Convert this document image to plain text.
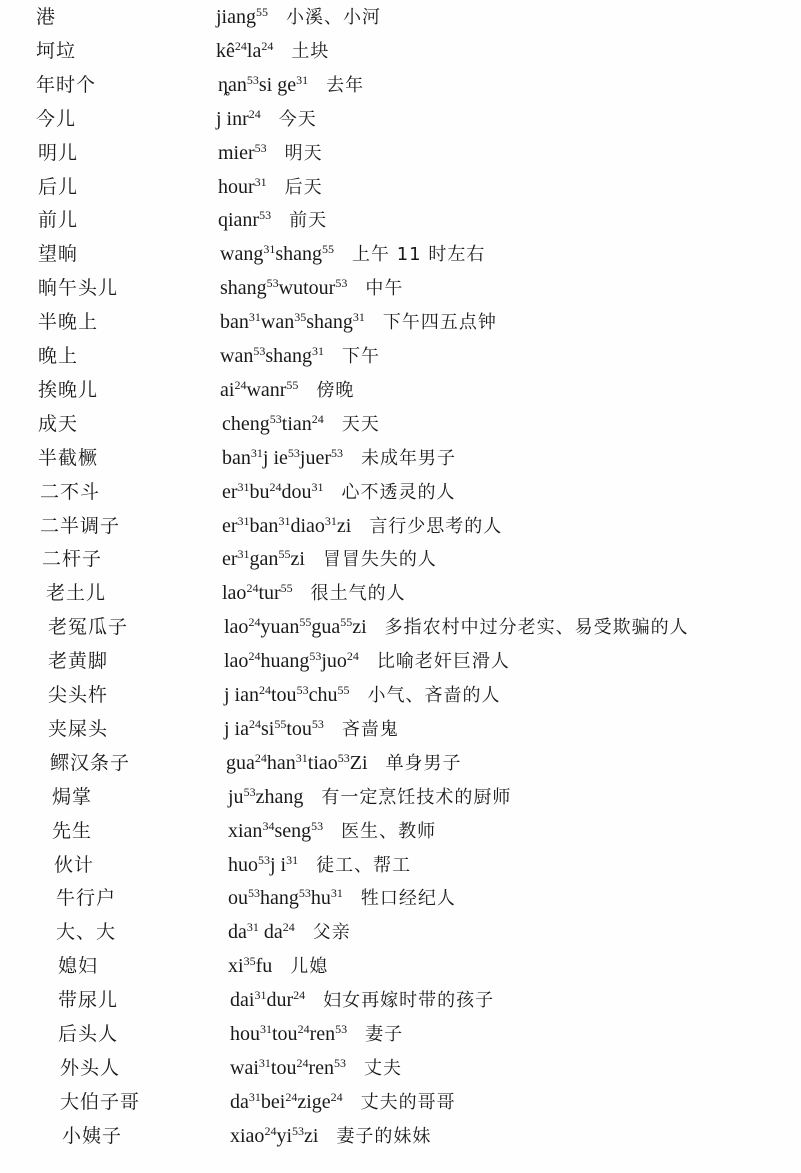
港	jiang$^{55}$ 小溪、小河
坷垃	$kê^{24}la^{24}$ 土块
年时个	ȵan$^{53}$si $ge^{31}$ 去年
今儿	j inr$^{24}$ 今天
明儿	mier$^{53}$ 明天
后儿	hour$^{31}$ 后天
前儿	qianr$^{53}$ 前天
望晌	wang$^{31}$shang$^{55}$ 上午 11 时左右
晌午头儿	shang$^{53}$wutour$^{53}$ 中午
半晚上	ban$^{31}$wan$^{35}$shang$^{31}$ 下午四五点钟
晚上	wan$^{53}$shang$^{31}$ 下午
挨晚儿	$ai^{24}wanr^{55}$ 傍晚
成天	cheng$^{53}$tian$^{24}$ 天天
半截橛	ban$^{31}$j $ie^{53}juer^{53}$ 未成年男子
二不斗	$er^{31}bu^{24}dou^{31}$ 心不透灵的人
二半调子	$er^{31}ban^{31}diao^{31}zi$ 言行少思考的人
二杆子	$er^{31}gan^{55}zi$ 冒冒失失的人
老土儿	lao$^{24}$tur$^{55}$ 很土气的人
老冤瓜子	lao$^{24}$yuan$^{55}$gua$^{55}$zi 多指农村中过分老实、易受欺骗的人
老黄脚	lao$^{24}$huang$^{53}$juo$^{24}$ 比喻老奸巨滑人
尖头杵	j ian$^{24}$tou$^{53}$chu$^{55}$ 小气、吝啬的人
夹屎头	j $ia^{24}si^{55}tou^{53}$ 吝啬鬼
鳏汉条子	gua$^{24}$han$^{31}$tiao$^{53}$Zi 单身男子
焗掌	$ju^{53}zhang$ 有一定烹饪技术的厨师
先生	xian$^{34}$seng$^{53}$ 医生、教师
伙计	huo$^{53}$j $i^{31}$ 徒工、帮工
牛行户	$ou^{53}hang^{53}hu^{31}$ 牲口经纪人
大、大	$da^{31}$ $da^{24}$ 父亲
媳妇	$xi^{35}fu$ 儿媳
带尿儿	dai$^{31}$dur$^{24}$ 妇女再嫁时带的孩子
后头人	hou$^{31}$tou$^{24}$ren$^{53}$ 妻子
外头人	wai$^{31}$tou$^{24}$ren$^{53}$ 丈夫
大伯子哥	$da^{31}bei^{24}zige^{24}$ 丈夫的哥哥
小姨子	$xiao^{24}yi^{53}zi$ 妻子的妹妹
